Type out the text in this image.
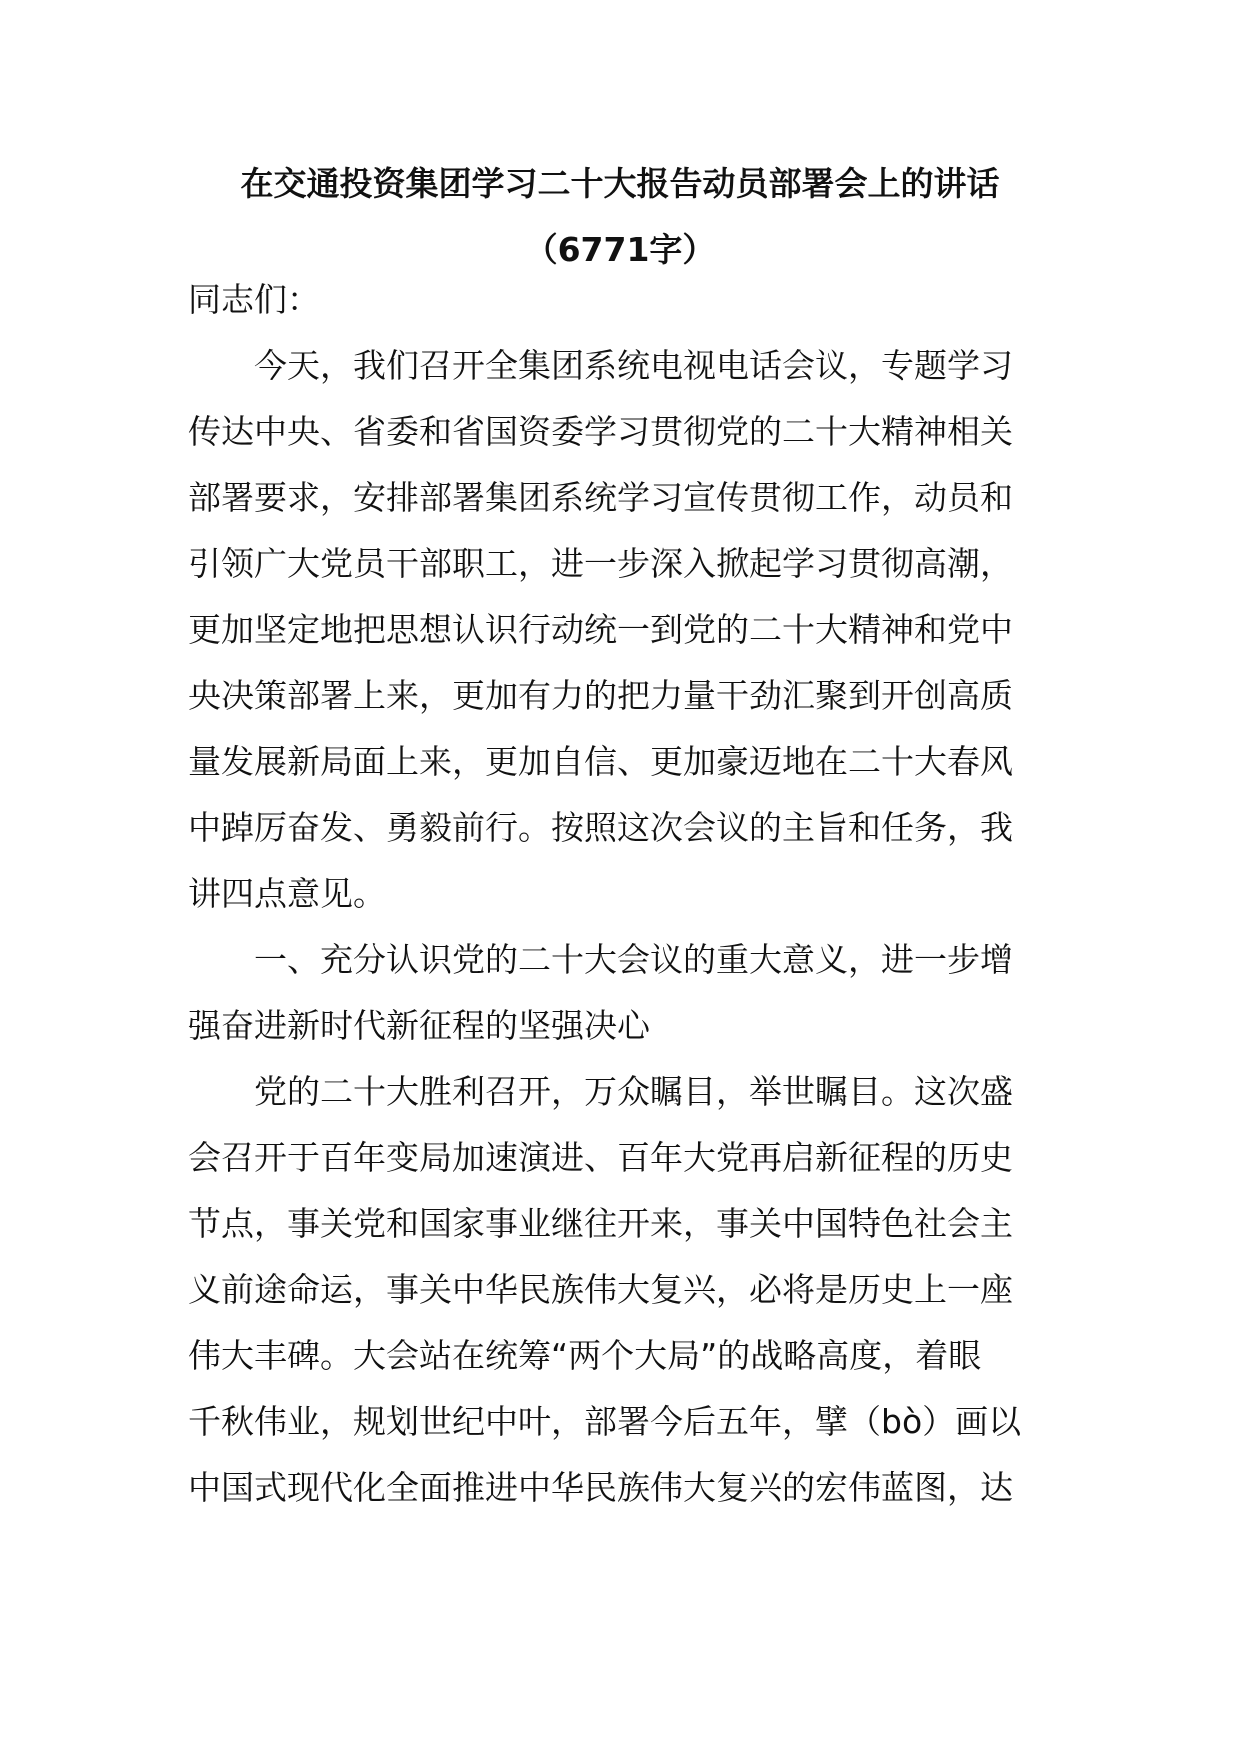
在交通投资集团学习二十大报告动员部署会上的讲话
（6771字）
同志们：

今天，我们召开全集团系统电视电话会议，专题学习
传达中央、省委和省国资委学习贯彻党的二十大精神相关
部署要求，安排部署集团系统学习宣传贯彻工作，动员和
引领广大党员干部职工，进一步深入掀起学习贯彻高潮，
更加坚定地把思想认识行动统一到党的二十大精神和党中
央决策部署上来，更加有力的把力量干劲汇聚到开创高质
量发展新局面上来，更加自信、更加豪迈地在二十大春风
中踔厉奋发、勇毅前行。按照这次会议的主旨和任务，我
讲四点意见。

一、充分认识党的二十大会议的重大意义，进一步增
强奋进新时代新征程的坚强决心

党的二十大胜利召开，万众瞩目，举世瞩目。这次盛
会召开于百年变局加速演进、百年大党再启新征程的历史
节点，事关党和国家事业继往开来，事关中国特色社会主
义前途命运，事关中华民族伟大复兴，必将是历史上一座
伟大丰碑。大会站在统筹“两个大局”的战略高度，着眼
千秋伟业，规划世纪中叶，部署今后五年，擘（bò）画以
中国式现代化全面推进中华民族伟大复兴的宏伟蓝图，达
